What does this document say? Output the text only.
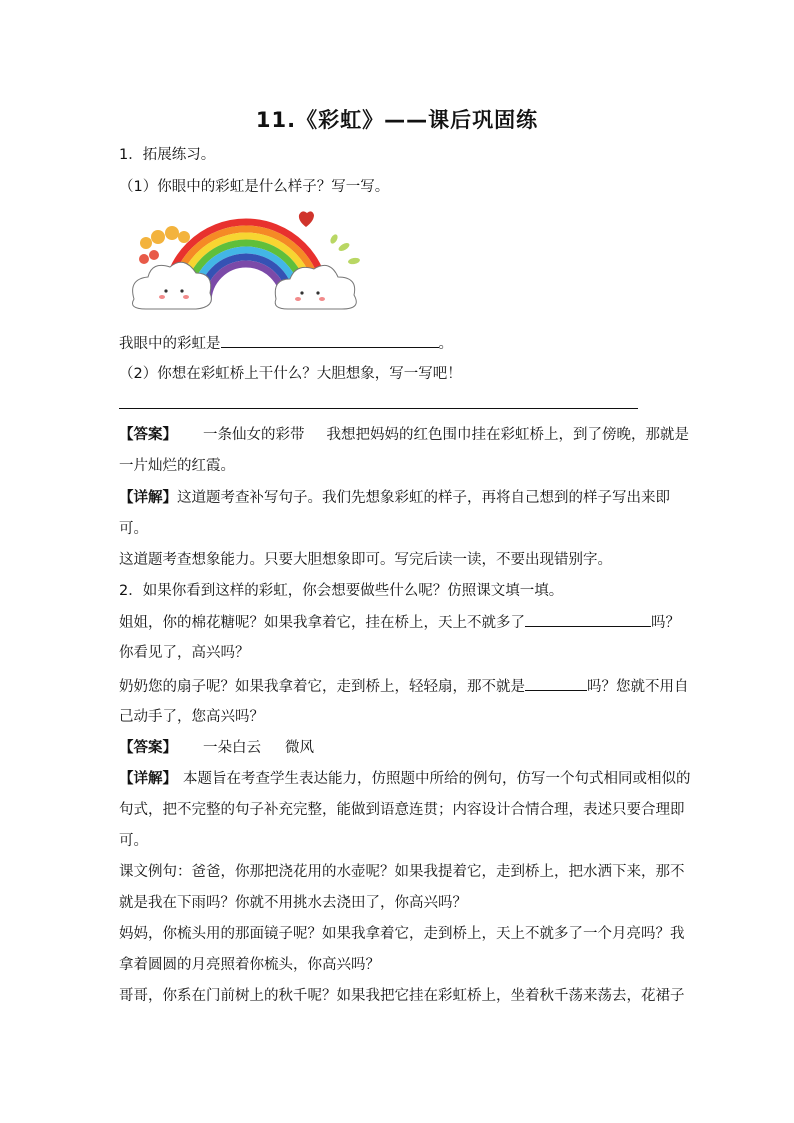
11.《彩虹》——课后巩固练
1．拓展练习。
（1）你眼中的彩虹是什么样子？写一写。
我眼中的彩虹是	。
（2）你想在彩虹桥上干什么？大胆想象，写一写吧！
【答案】 一条仙女的彩带 我想把妈妈的红色围巾挂在彩虹桥上，到了傍晚，那就是
一片灿烂的红霞。
【详解】这道题考查补写句子。我们先想象彩虹的样子，再将自己想到的样子写出来即
可。
这道题考查想象能力。只要大胆想象即可。写完后读一读，不要出现错别字。
2．如果你看到这样的彩虹，你会想要做些什么呢？仿照课文填一填。
姐姐，你的棉花糖呢？如果我拿着它，挂在桥上，天上不就多了	吗？
你看见了，高兴吗？
奶奶您的扇子呢？如果我拿着它，走到桥上，轻轻扇，那不就是	吗？您就不用自
己动手了，您高兴吗？
【答案】 一朵白云 微风
【详解】 本题旨在考查学生表达能力，仿照题中所给的例句，仿写一个句式相同或相似的
句式，把不完整的句子补充完整，能做到语意连贯；内容设计合情合理，表述只要合理即
可。
课文例句：爸爸，你那把浇花用的水壶呢？如果我提着它，走到桥上，把水洒下来，那不
就是我在下雨吗？你就不用挑水去浇田了，你高兴吗？
妈妈，你梳头用的那面镜子呢？如果我拿着它，走到桥上，天上不就多了一个月亮吗？我
拿着圆圆的月亮照着你梳头，你高兴吗？
哥哥，你系在门前树上的秋千呢？如果我把它挂在彩虹桥上，坐着秋千荡来荡去，花裙子
